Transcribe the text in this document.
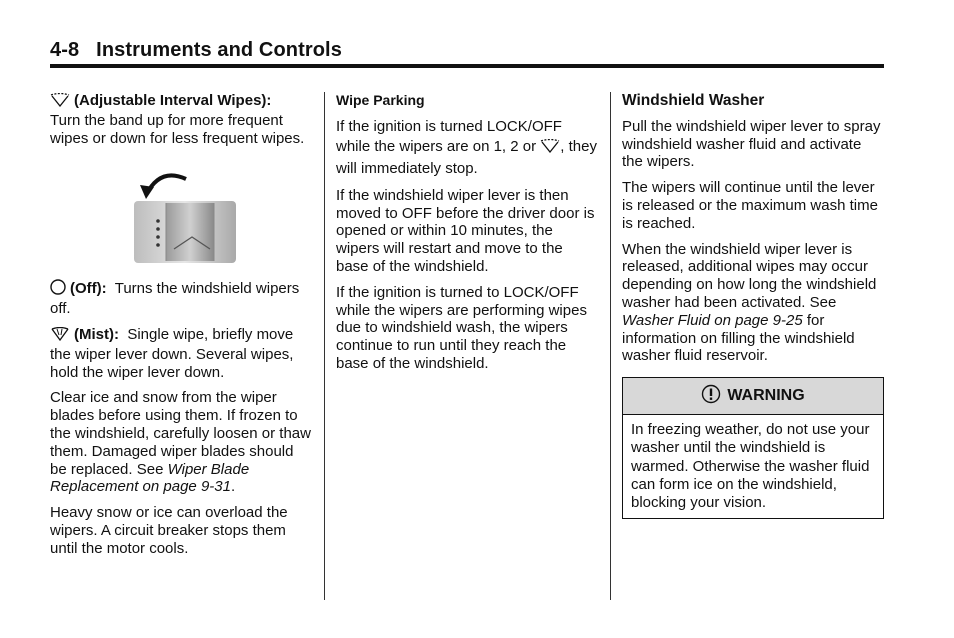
4-8   Instruments and Controls

(Adjustable Interval Wipes):
Turn the band up for more frequent wipes or down for less frequent wipes.

(Off):  Turns the windshield wipers off.

(Mist):  Single wipe, briefly move the wiper lever down. Several wipes, hold the wiper lever down.

Clear ice and snow from the wiper blades before using them. If frozen to the windshield, carefully loosen or thaw them. Damaged wiper blades should be replaced. See Wiper Blade Replacement on page 9-31.

Heavy snow or ice can overload the wipers. A circuit breaker stops them until the motor cools.

Wipe Parking

If the ignition is turned LOCK/OFF while the wipers are on 1, 2 or , they will immediately stop.

If the windshield wiper lever is then moved to OFF before the driver door is opened or within 10 minutes, the wipers will restart and move to the base of the windshield.

If the ignition is turned to LOCK/OFF while the wipers are performing wipes due to windshield wash, the wipers continue to run until they reach the base of the windshield.

Windshield Washer

Pull the windshield wiper lever to spray windshield washer fluid and activate the wipers.

The wipers will continue until the lever is released or the maximum wash time is reached.

When the windshield wiper lever is released, additional wipes may occur depending on how long the windshield washer had been activated. See Washer Fluid on page 9-25 for information on filling the windshield washer fluid reservoir.

WARNING
In freezing weather, do not use your washer until the windshield is warmed. Otherwise the washer fluid can form ice on the windshield, blocking your vision.
